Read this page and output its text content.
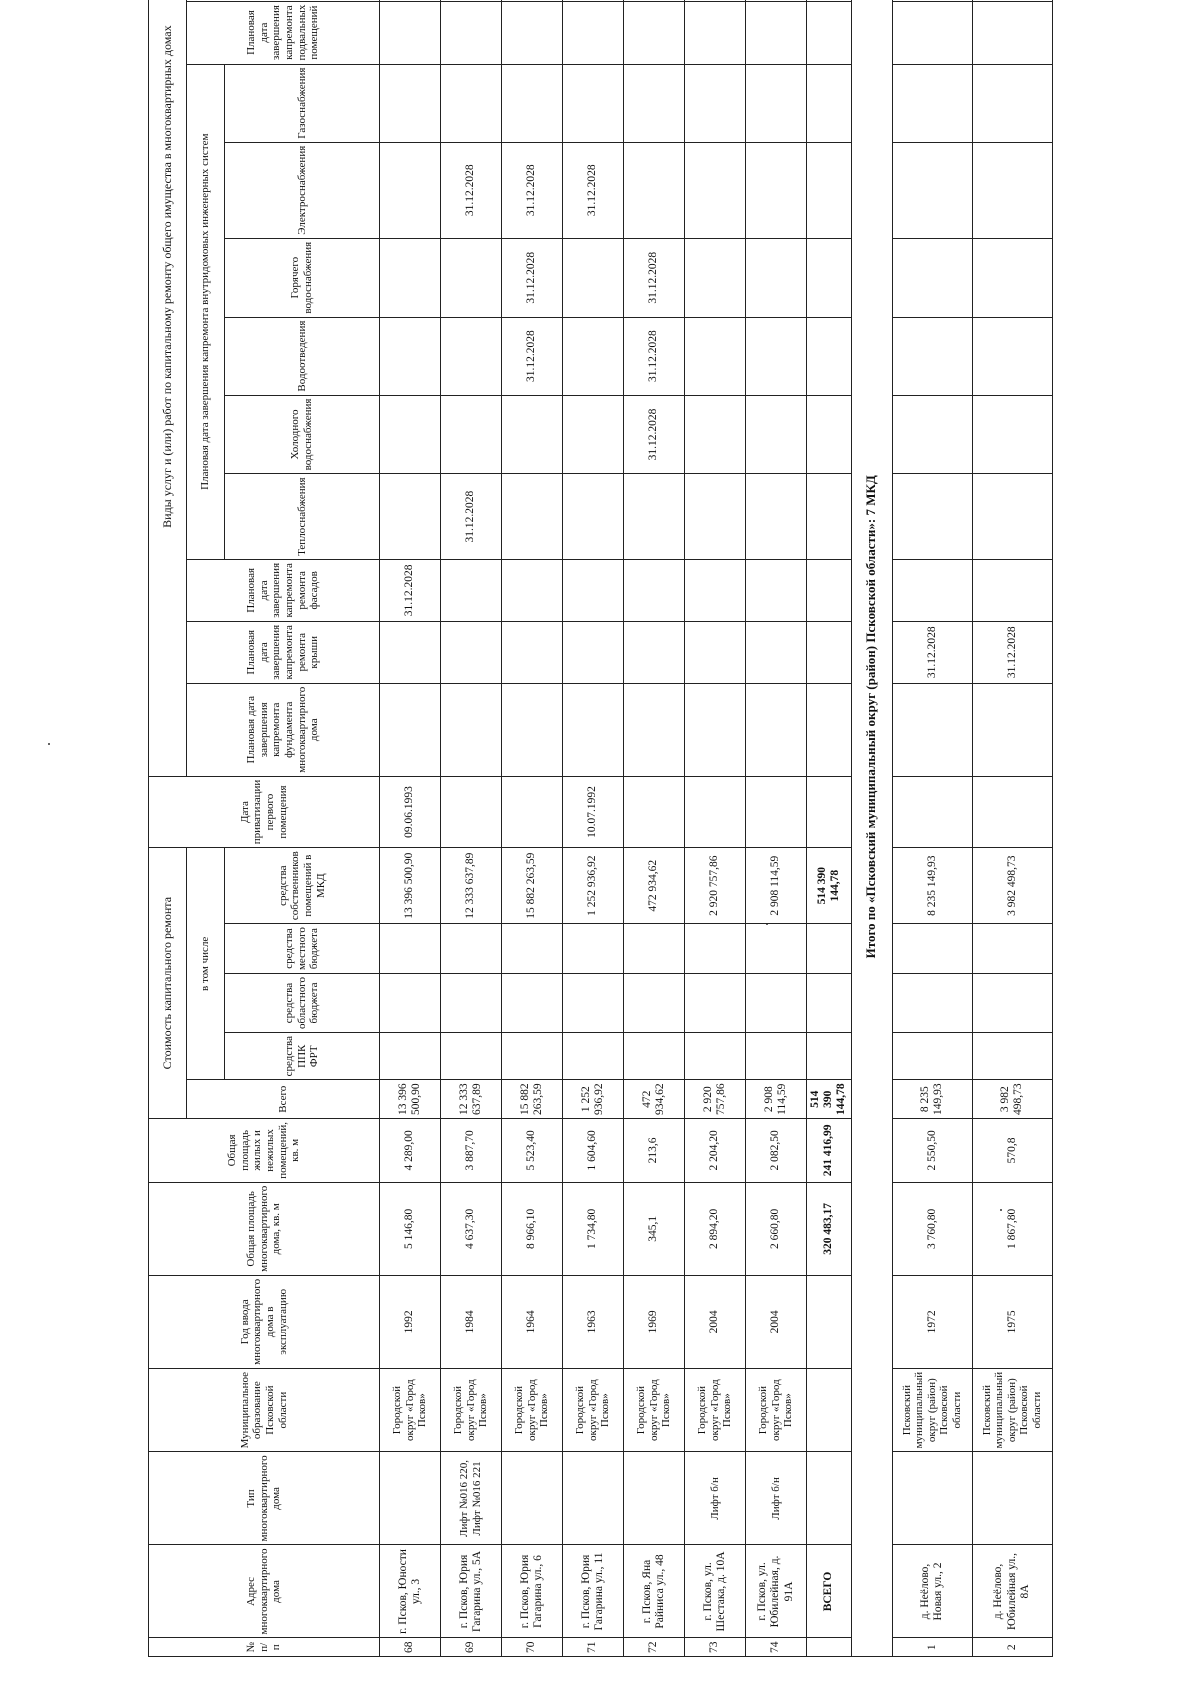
№ п/п	Адрес многоквартирного дома	Тип многоквартирного дома	Муниципальное образование Псковской области	Год ввода многоквартирного дома в эксплуатацию	Общая площадь многоквартирного дома, кв. м	Общая площадь жилых и нежилых помещений, кв. м	Стоимость капитального ремонта					Дата приватизации первого помещения	Виды услуг и (или) работ по капитальному ремонту общего имущества в многоквартирных домах												
							Всего	в том числе					Плановая дата завершения капремонта фундамента многоквартирного дома	Плановая дата завершения капремонта ремонта крыши	Плановая дата завершения капремонта ремонта фасадов	Плановая дата завершения капремонта внутридомовых инженерных систем						Плановая дата завершения капремонта подвальных помещений			
								средства ППК ФРТ	средства областного бюджета	средства местного бюджета	средства собственников помещений в МКД					Теплоснабжения	Холодного водоснабжения	Водоотведения	Горячего водоснабжения	Электроснабжения	Газоснабжения				
68	г. Псков, Юности ул., 3		Городской округ «Город Псков»	1992	5 146,80	4 289,00	13 396 500,90				13 396 500,90	09.06.1993			31.12.2028										
69	г. Псков, Юрия Гагарина ул., 5А	Лифт №016 220, Лифт №016 221	Городской округ «Город Псков»	1984	4 637,30	3 887,70	12 333 637,89				12 333 637,89					31.12.2028				31.12.2028					
70	г. Псков, Юрия Гагарина ул., 6		Городской округ «Город Псков»	1964	8 966,10	5 523,40	15 882 263,59				15 882 263,59							31.12.2028	31.12.2028	31.12.2028					
71	г. Псков, Юрия Гагарина ул., 11		Городской округ «Город Псков»	1963	1 734,80	1 604,60	1 252 936,92				1 252 936,92	10.07.1992								31.12.2028					
72	г. Псков, Яна Райниса ул., 48		Городской округ «Город Псков»	1969	345,1	213,6	472 934,62				472 934,62						31.12.2028	31.12.2028	31.12.2028						
73	г. Псков, ул. Шестака, д. 10А	Лифт б/н	Городской округ «Город Псков»	2004	2 894,20	2 204,20	2 920 757,86				2 920 757,86														
74	г. Псков, ул. Юбилейная, д. 91А	Лифт б/н	Городской округ «Город Псков»	2004	2 660,80	2 082,50	2 908 114,59				2 908 114,59														
	ВСЕГО				320 483,17	241 416,99	514 390 144,78				514 390 144,78														
Итого по «Псковский муниципальный округ (район) Псковской области»: 7 МКД																									
1	д. Неёлово, Новая ул., 2		Псковский муниципальный округ (район) Псковской области	1972	3 760,80	2 550,50	8 235 149,93				8 235 149,93			31.12.2028											
2	д. Неёлово, Юбилейная ул., 8А		Псковский муниципальный округ (район) Псковской области	1975	1 867,80	570,8	3 982 498,73				3 982 498,73			31.12.2028											
